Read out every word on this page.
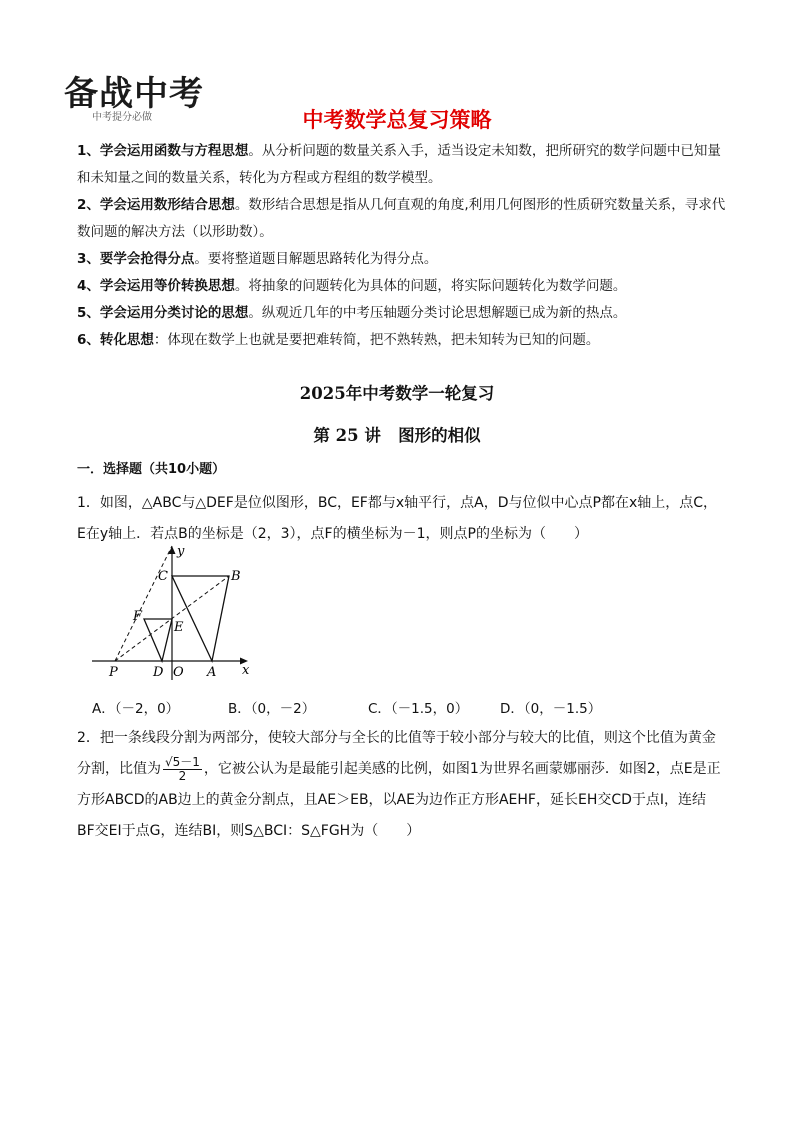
备战中考
中考提分必做	中考数学总复习策略

1、学会运用函数与方程思想。从分析问题的数量关系入手，适当设定未知数，把所研究的数学问题中已知量和未知量之间的数量关系，转化为方程或方程组的数学模型。

2、学会运用数形结合思想。数形结合思想是指从几何直观的角度,利用几何图形的性质研究数量关系，寻求代数问题的解决方法（以形助数）。

3、要学会抢得分点。要将整道题目解题思路转化为得分点。

4、学会运用等价转换思想。将抽象的问题转化为具体的问题，将实际问题转化为数学问题。

5、学会运用分类讨论的思想。纵观近几年的中考压轴题分类讨论思想解题已成为新的热点。

6、转化思想：体现在数学上也就是要把难转简，把不熟转熟，把未知转为已知的问题。

2025年中考数学一轮复习
第 25 讲   图形的相似
一．选择题（共10小题）
1．如图，△ABC与△DEF是位似图形，BC，EF都与x轴平行，点A，D与位似中心点P都在x轴上，点C，E在y轴上．若点B的坐标是（2，3），点F的横坐标为－1，则点P的坐标为（　　）
y
x
C	B
F
E
P	D O A
A．（－2，0）	B．（0，－2）	C．（－1.5，0） D．（0，－1.5）
2．把一条线段分割为两部分，使较大部分与全长的比值等于较小部分与较大的比值，则这个比值为黄金分割，比值为 $\frac{√5-1}{2}$ ，它被公认为是最能引起美感的比例，如图1为世界名画蒙娜丽莎．如图2，点E是正方形ABCD的AB边上的黄金分割点，且AE＞EB，以AE为边作正方形AEHF，延长EH交CD于点I，连结BF交EI于点G，连结BI，则S△BCI：S△FGH为（　　）
